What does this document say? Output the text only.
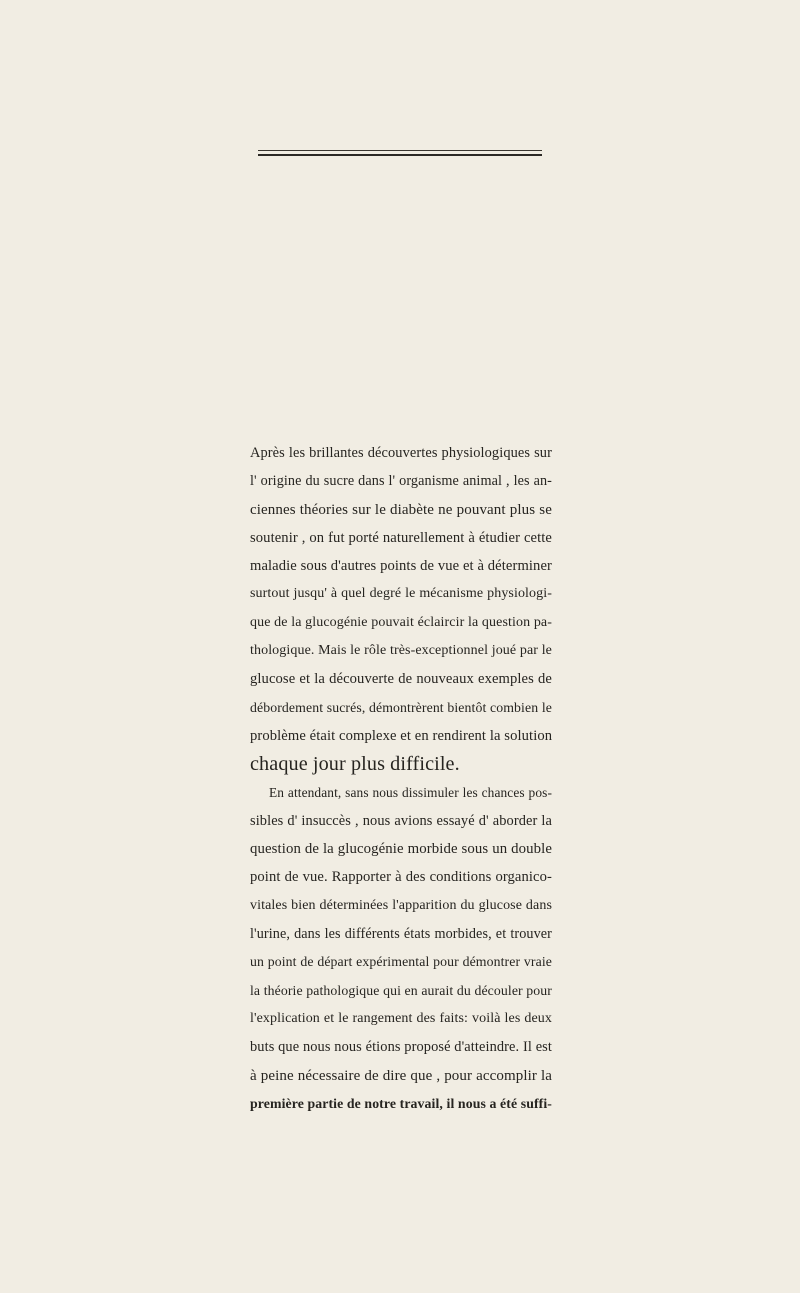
Après les brillantes découvertes physiologiques sur
l' origine du sucre dans l' organisme animal , les an-
ciennes théories sur le diabète ne pouvant plus se
soutenir , on fut porté naturellement à étudier cette
maladie sous d'autres points de vue et à déterminer
surtout jusqu' à quel degré le mécanisme physiologi-
que de la glucogénie pouvait éclaircir la question pa-
thologique. Mais le rôle très-exceptionnel joué par le
glucose et la découverte de nouveaux exemples de
débordement sucrés, démontrèrent bientôt combien le
problème était complexe et en rendirent la solution
chaque jour plus difficile.
En attendant, sans nous dissimuler les chances pos-
sibles d' insuccès , nous avions essayé d' aborder la
question de la glucogénie morbide sous un double
point de vue. Rapporter à des conditions organico-
vitales bien déterminées l'apparition du glucose dans
l'urine, dans les différents états morbides, et trouver
un point de départ expérimental pour démontrer vraie
la théorie pathologique qui en aurait du découler pour
l'explication et le rangement des faits: voilà les deux
buts que nous nous étions proposé d'atteindre. Il est
à peine nécessaire de dire que , pour accomplir la
première partie de notre travail, il nous a été suffi-
